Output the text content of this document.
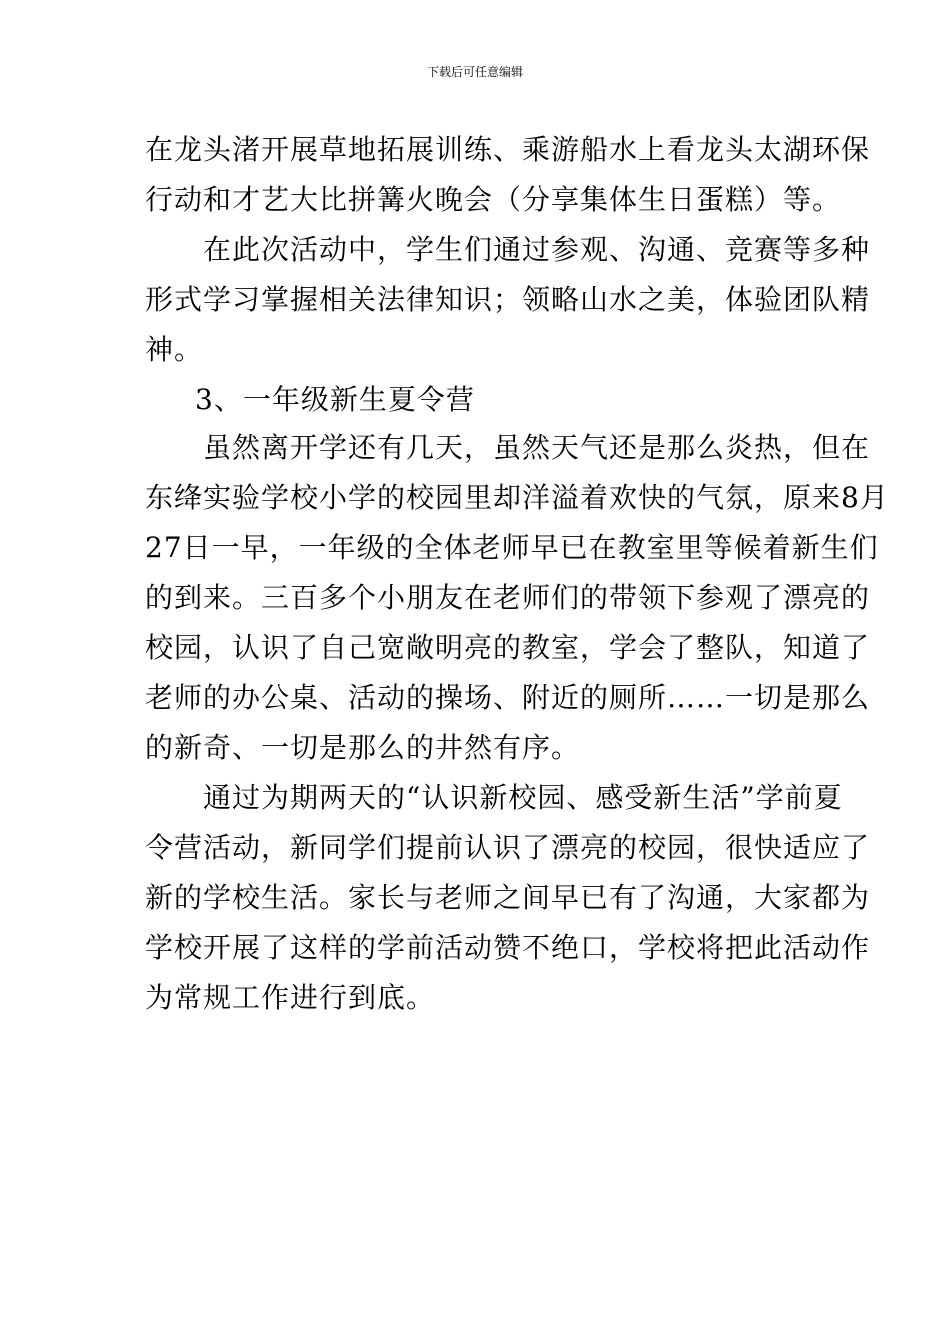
下载后可任意编辑
在龙头渚开展草地拓展训练、乘游船水上看龙头太湖环保
行动和才艺大比拼篝火晚会（分享集体生日蛋糕）等。
在此次活动中，学生们通过参观、沟通、竞赛等多种
形式学习掌握相关法律知识；领略山水之美，体验团队精
神。
3、一年级新生夏令营
虽然离开学还有几天，虽然天气还是那么炎热，但在
东绛实验学校小学的校园里却洋溢着欢快的气氛，原来8月
27日一早，一年级的全体老师早已在教室里等候着新生们
的到来。三百多个小朋友在老师们的带领下参观了漂亮的
校园，认识了自己宽敞明亮的教室，学会了整队，知道了
老师的办公桌、活动的操场、附近的厕所……一切是那么
的新奇、一切是那么的井然有序。
通过为期两天的“认识新校园、感受新生活”学前夏
令营活动，新同学们提前认识了漂亮的校园，很快适应了
新的学校生活。家长与老师之间早已有了沟通，大家都为
学校开展了这样的学前活动赞不绝口，学校将把此活动作
为常规工作进行到底。
